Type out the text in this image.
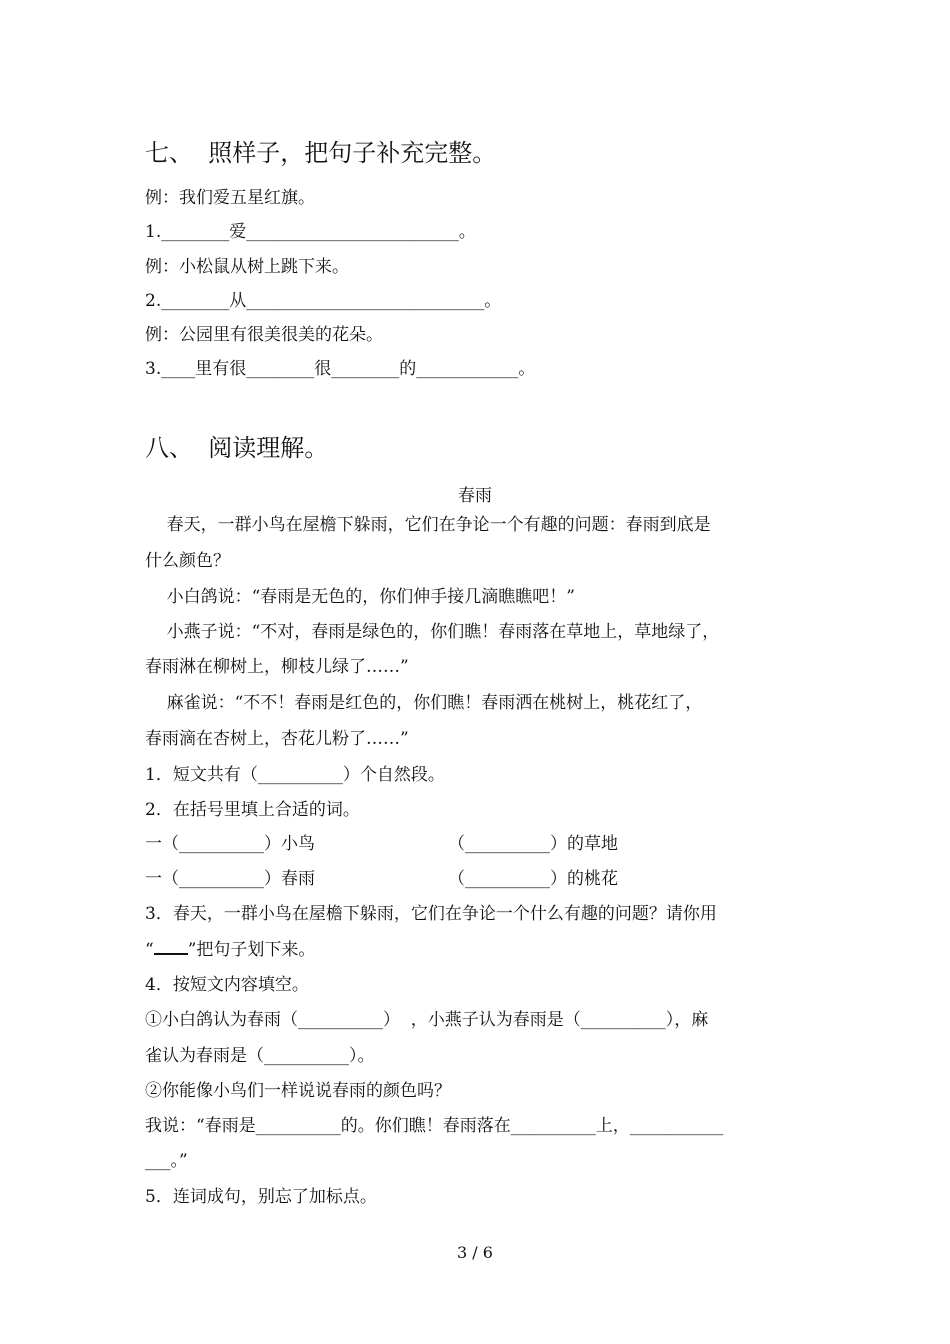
七、  照样子，把句子补充完整。
例：我们爱五星红旗。
1.________爱_________________________。
例：小松鼠从树上跳下来。
2.________从____________________________。
例：公园里有很美很美的花朵。
3.____里有很________很________的____________。
八、  阅读理解。
春雨
春天，一群小鸟在屋檐下躲雨，它们在争论一个有趣的问题：春雨到底是
什么颜色？
小白鸽说：“春雨是无色的，你们伸手接几滴瞧瞧吧！”
小燕子说：“不对，春雨是绿色的，你们瞧！春雨落在草地上，草地绿了，
春雨淋在柳树上，柳枝儿绿了……”
麻雀说：“不不！春雨是红色的，你们瞧！春雨洒在桃树上，桃花红了，
春雨滴在杏树上，杏花儿粉了……”
1．短文共有（__________）个自然段。
2．在括号里填上合适的词。
一（__________）小鸟	（__________）的草地
一（__________）春雨	（__________）的桃花
3．春天，一群小鸟在屋檐下躲雨，它们在争论一个什么有趣的问题？请你用
“ ”把句子划下来。
4．按短文内容填空。
①小白鸽认为春雨（__________）  ，小燕子认为春雨是（__________），麻
雀认为春雨是（__________）。
②你能像小鸟们一样说说春雨的颜色吗？
我说：“春雨是__________的。你们瞧！春雨落在__________上，___________
___。”
5．连词成句，别忘了加标点。
3 / 6
